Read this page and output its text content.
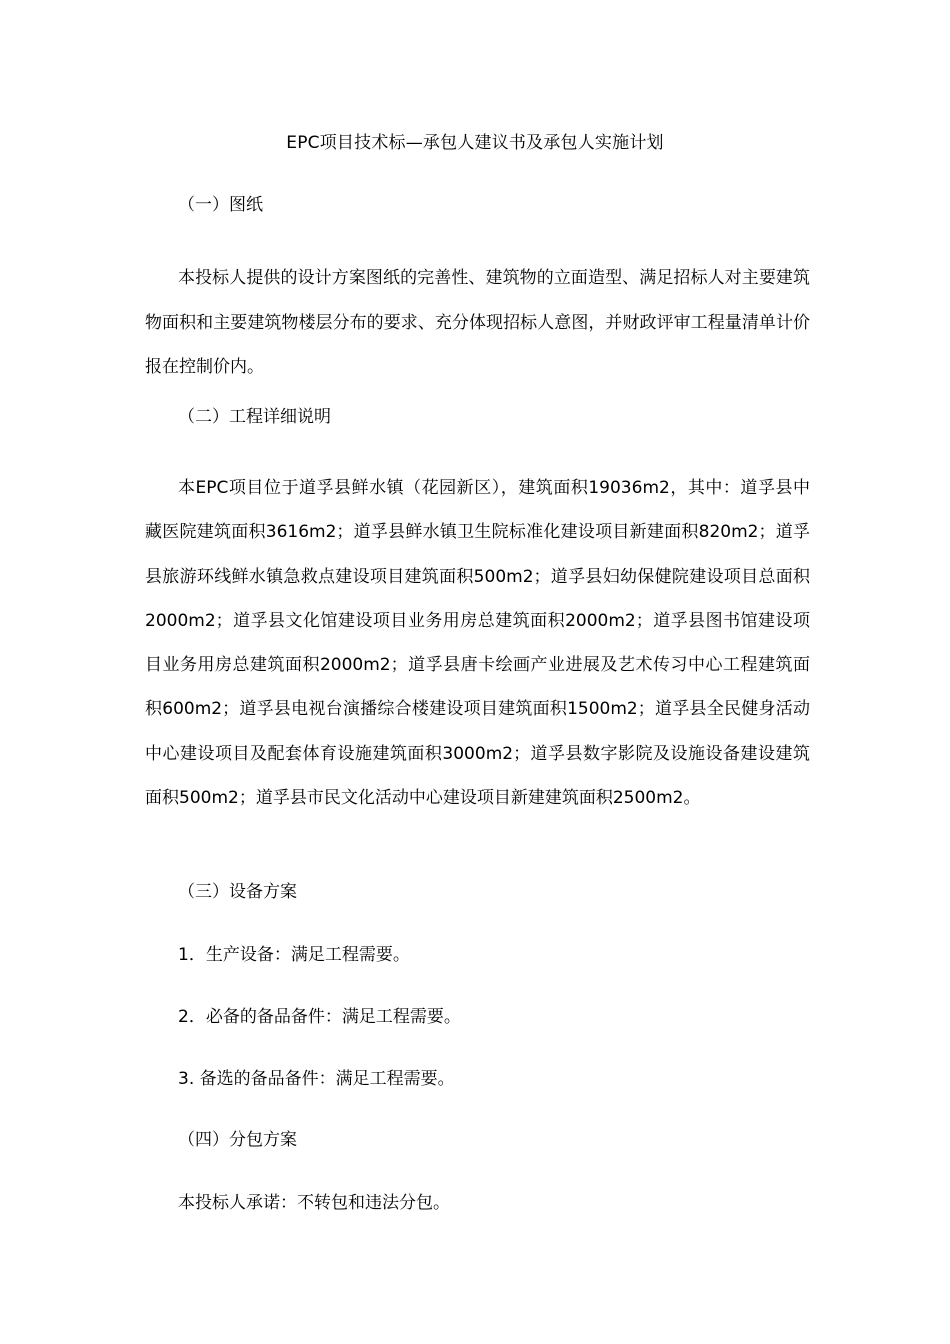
EPC项目技术标—承包人建议书及承包人实施计划
（一）图纸
本投标人提供的设计方案图纸的完善性、建筑物的立面造型、满足招标人对主要建筑物面积和主要建筑物楼层分布的要求、充分体现招标人意图，并财政评审工程量清单计价报在控制价内。
（二）工程详细说明
本EPC项目位于道孚县鲜水镇（花园新区），建筑面积19036m2，其中：道孚县中藏医院建筑面积3616m2；道孚县鲜水镇卫生院标准化建设项目新建面积820m2；道孚县旅游环线鲜水镇急救点建设项目建筑面积500m2；道孚县妇幼保健院建设项目总面积2000m2；道孚县文化馆建设项目业务用房总建筑面积2000m2；道孚县图书馆建设项目业务用房总建筑面积2000m2；道孚县唐卡绘画产业进展及艺术传习中心工程建筑面积600m2；道孚县电视台演播综合楼建设项目建筑面积1500m2；道孚县全民健身活动中心建设项目及配套体育设施建筑面积3000m2；道孚县数字影院及设施设备建设建筑面积500m2；道孚县市民文化活动中心建设项目新建建筑面积2500m2。
（三）设备方案
1．生产设备：满足工程需要。
2．必备的备品备件：满足工程需要。
3. 备选的备品备件：满足工程需要。
（四）分包方案
本投标人承诺：不转包和违法分包。
